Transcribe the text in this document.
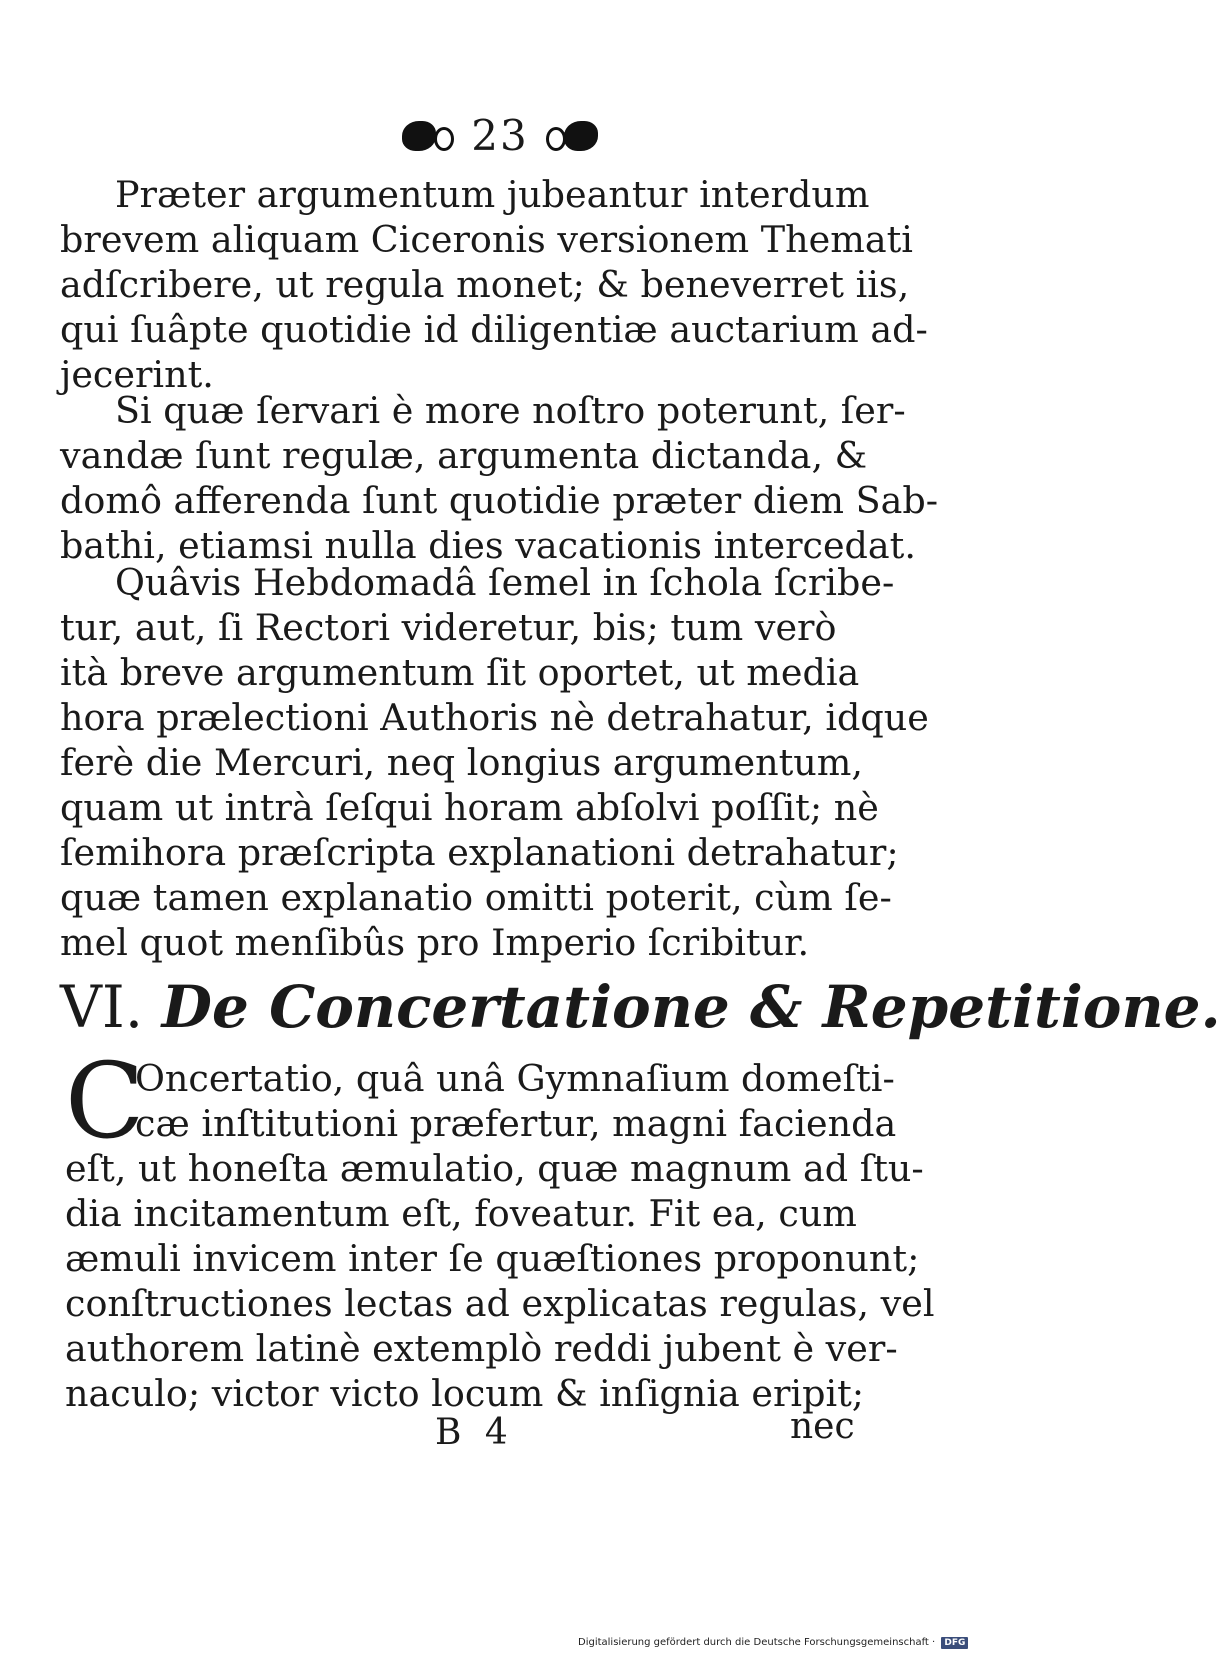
23
Præter argumentum jubeantur interdum
brevem aliquam Ciceronis versionem Themati
adſcribere, ut regula monet; & beneverret iis,
qui ſuâpte quotidie id diligentiæ auctarium ad-
jecerint.
Si quæ ſervari è more noſtro poterunt, ſer-
vandæ ſunt regulæ, argumenta dictanda, &
domô afferenda ſunt quotidie præter diem Sab-
bathi, etiamsi nulla dies vacationis intercedat.
Quâvis Hebdomadâ ſemel in ſchola ſcribe-
tur, aut, ſi Rectori videretur, bis; tum verò
ità breve argumentum ſit oportet, ut media
hora prælectioni Authoris nè detrahatur, idque
ferè die Mercuri, neq longius argumentum,
quam ut intrà ſeſqui horam abſolvi poſſit; nè
ſemihora præſcripta explanationi detrahatur;
quæ tamen explanatio omitti poterit, cùm ſe-
mel quot menſibûs pro Imperio ſcribitur.
VI. De Concertatione & Repetitione.
C
Oncertatio, quâ unâ Gymnaſium domeſti-
cæ inſtitutioni præfertur, magni facienda
eſt, ut honeſta æmulatio, quæ magnum ad ſtu-
dia incitamentum eſt, foveatur. Fit ea, cum
æmuli invicem inter ſe quæſtiones proponunt;
conſtructiones lectas ad explicatas regulas, vel
authorem latinè extemplò reddi jubent è ver-
naculo; victor victo locum & inſignia eripit;
B 4	nec
Digitalisierung gefördert durch die Deutsche Forschungsgemeinschaft · DFG
